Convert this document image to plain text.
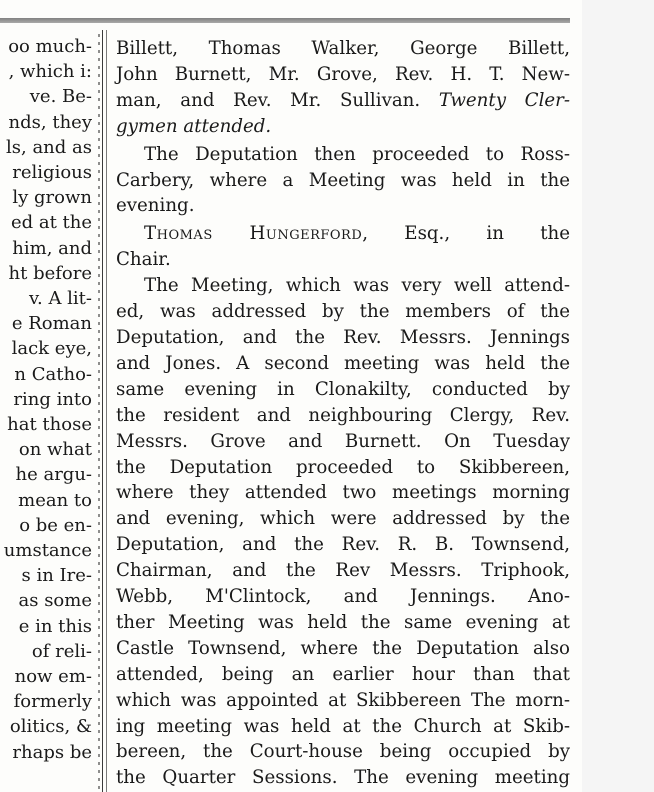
oo much-
, which i:
ve. Be-
nds, they
ls, and as
religious
ly grown
ed at the
him, and
ht before
v. A lit-
e Roman
lack eye,
n Catho-
ring into
hat those
on what
he argu-
mean to
o be en-
umstance
s in Ire-
as some
e in this
of reli-
now em-
formerly
olitics, &
rhaps be
Billett, Thomas Walker, George Billett,
John Burnett, Mr. Grove, Rev. H. T. New-
man, and Rev. Mr. Sullivan. Twenty Cler-
gymen attended.
The Deputation then proceeded to Ross-
Carbery, where a Meeting was held in the
evening.
Thomas Hungerford, Esq., in the
Chair.
The Meeting, which was very well attend-
ed, was addressed by the members of the
Deputation, and the Rev. Messrs. Jennings
and Jones. A second meeting was held the
same evening in Clonakilty, conducted by
the resident and neighbouring Clergy, Rev.
Messrs. Grove and Burnett. On Tuesday
the Deputation proceeded to Skibbereen,
where they attended two meetings morning
and evening, which were addressed by the
Deputation, and the Rev. R. B. Townsend,
Chairman, and the Rev Messrs. Triphook,
Webb, M'Clintock, and Jennings. Ano-
ther Meeting was held the same evening at
Castle Townsend, where the Deputation also
attended, being an earlier hour than that
which was appointed at Skibbereen The morn-
ing meeting was held at the Church at Skib-
bereen, the Court-house being occupied by
the Quarter Sessions. The evening meeting
